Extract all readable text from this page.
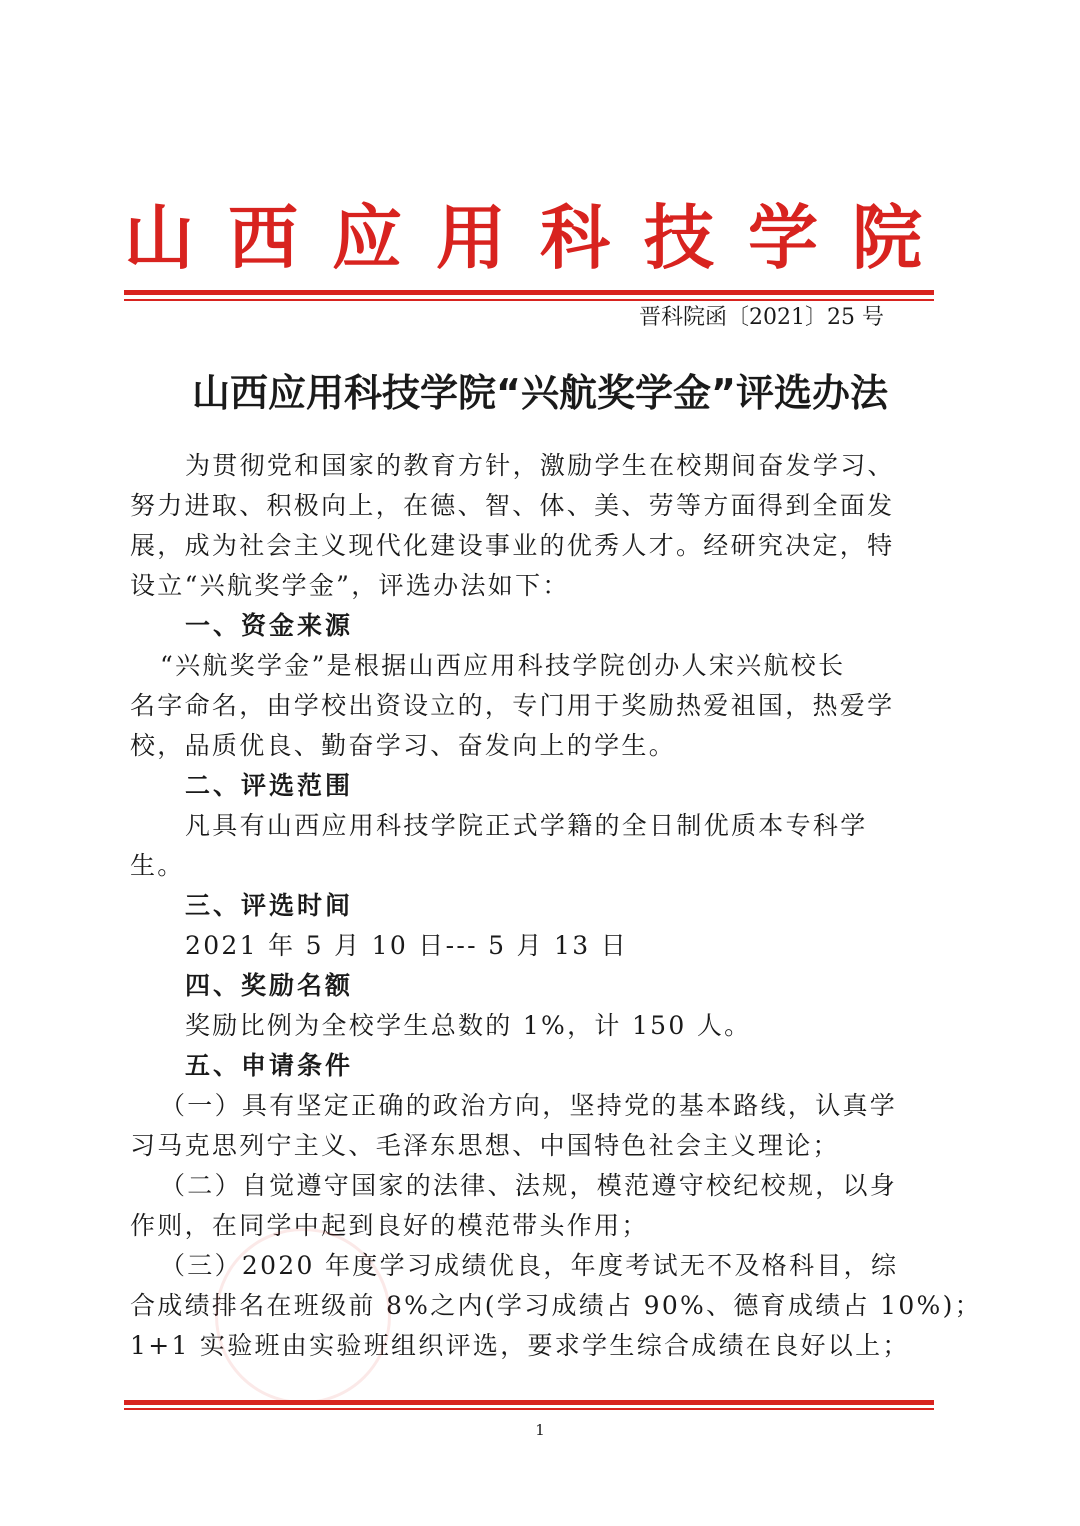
山西应用科技学院
晋科院函〔2021〕25 号
山西应用科技学院“兴航奖学金”评选办法
为贯彻党和国家的教育方针，激励学生在校期间奋发学习、
努力进取、积极向上，在德、智、体、美、劳等方面得到全面发
展，成为社会主义现代化建设事业的优秀人才。经研究决定，特
设立“兴航奖学金”，评选办法如下：
一、资金来源
“兴航奖学金”是根据山西应用科技学院创办人宋兴航校长
名字命名，由学校出资设立的，专门用于奖励热爱祖国，热爱学
校，品质优良、勤奋学习、奋发向上的学生。
二、评选范围
凡具有山西应用科技学院正式学籍的全日制优质本专科学
生。
三、评选时间
2021 年 5 月 10 日--- 5 月 13 日
四、奖励名额
奖励比例为全校学生总数的 1%，计 150 人。
五、申请条件
（一）具有坚定正确的政治方向，坚持党的基本路线，认真学
习马克思列宁主义、毛泽东思想、中国特色社会主义理论；
（二）自觉遵守国家的法律、法规，模范遵守校纪校规，以身
作则，在同学中起到良好的模范带头作用；
（三）2020 年度学习成绩优良，年度考试无不及格科目，综
合成绩排名在班级前 8%之内(学习成绩占 90%、德育成绩占 10%)；
1+1 实验班由实验班组织评选，要求学生综合成绩在良好以上；
1
